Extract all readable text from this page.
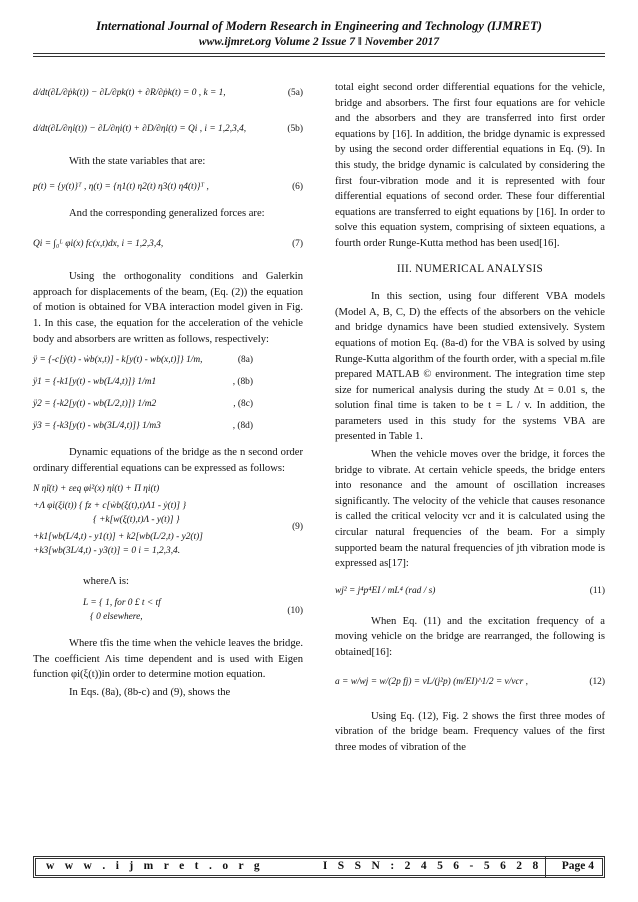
International Journal of Modern Research in Engineering and Technology (IJMRET)
www.ijmret.org Volume 2 Issue 7 ǁ November 2017
d/dt(∂L/∂ṗk(t)) − ∂L/∂pk(t) + ∂R/∂ṗk(t) = 0 , k = 1,	(5a)
d/dt(∂L/∂η̇i(t)) − ∂L/∂ηi(t) + ∂D/∂η̇i(t) = Qi , i = 1,2,3,4,	(5b)
With the state variables that are:
p(t) = {y(t)}ᵀ , η(t) = {η1(t) η2(t) η3(t) η4(t)}ᵀ ,	(6)
And the corresponding generalized forces are:
Qi = ∫₀ᴸ φi(x) fc(x,t)dx, i = 1,2,3,4,	(7)
Using the orthogonality conditions and Galerkin approach for displacements of the beam, (Eq. (2)) the equation of motion is obtained for VBA interaction model given in Fig. 1. In this case, the equation for the acceleration of the vehicle body and absorbers are written as follows, respectively:
ÿ = {-c[ẏ(t) - ẇb(x,t)] - k[y(t) - wb(x,t)]} 1/m,	(8a)
ÿ1 = {-k1[y(t) - wb(L/4,t)]} 1/m1	, (8b)
ÿ2 = {-k2[y(t) - wb(L/2,t)]} 1/m2	, (8c)
ÿ3 = {-k3[y(t) - wb(3L/4,t)]} 1/m3	, (8d)
Dynamic equations of the bridge as the n second order ordinary differential equations can be expressed as follows:
N η̈i(t) + εeq φi²(x) η̇i(t) + Π ηi(t)
+Λ φi(ξi(t)) { fz + c[ẇb(ξ(t),t)Λ1 - ẏ(t)] }
{ +k[w(ξ(t),t)Λ - y(t)] }
+k1[wb(L/4,t) - y1(t)] + k2[wb(L/2,t) - y2(t)]
+k3[wb(3L/4,t) - y3(t)] = 0 i = 1,2,3,4.
(9)
whereΛ is:
L = { 1, for 0 £ t < tf
{ 0 elsewhere,
(10)
Where tfis the time when the vehicle leaves the bridge. The coefficient Λis time dependent and is used with Eigen function φi(ξ(t))in order to determine motion equation.
In Eqs. (8a), (8b-c) and (9), shows the
total eight second order differential equations for the vehicle, bridge and absorbers. The first four equations are for vehicle and the absorbers and they are transferred into first order equations by [16]. In addition, the bridge dynamic is expressed by using the second order differential equations in Eq. (9). In this study, the bridge dynamic is calculated by considering the first four-vibration mode and it is represented with four differential equations of second order. These four differential equations are transferred to eight equations by [16]. In order to solve this equation system, comprising of sixteen equations, a fourth order Runge-Kutta method has been used[16].
III. NUMERICAL ANALYSIS
In this section, using four different VBA models (Model A, B, C, D) the effects of the absorbers on the vehicle and bridge dynamics have been studied extensively. System equations of motion Eq. (8a-d) for the VBA is solved by using Runge-Kutta algorithm of the fourth order, with a special m.file prepared MATLAB © environment. The integration time step size for numerical analysis during the study Δt = 0.01 s, the solution final time is taken to be t = L / v. In addition, the parameters used in this study for the systems VBA are presented in Table 1.
When the vehicle moves over the bridge, it forces the bridge to vibrate. At certain vehicle speeds, the bridge enters into resonance and the amount of oscillation increases significantly. The velocity of the vehicle that causes resonance is called the critical velocity vcr and it is calculated using the circular natural frequencies of the beam. For a simply supported beam the natural frequencies of jth vibration mode is expressed as[17]:
wj² = j⁴p⁴EI / mL⁴ (rad / s)	(11)
When Eq. (11) and the excitation frequency of a moving vehicle on the bridge are rearranged, the following is obtained[16]:
a = w/wj = w/(2p fj) = vL/(j²p) (m/EI)^1/2 = v/vcr ,	(12)
Using Eq. (12), Fig. 2 shows the first three modes of vibration of the bridge beam. Frequency values of the first three modes of vibration of the
w w w . i j m r e t . o r g	I S S N : 2 4 5 6 - 5 6 2 8 Page 4
